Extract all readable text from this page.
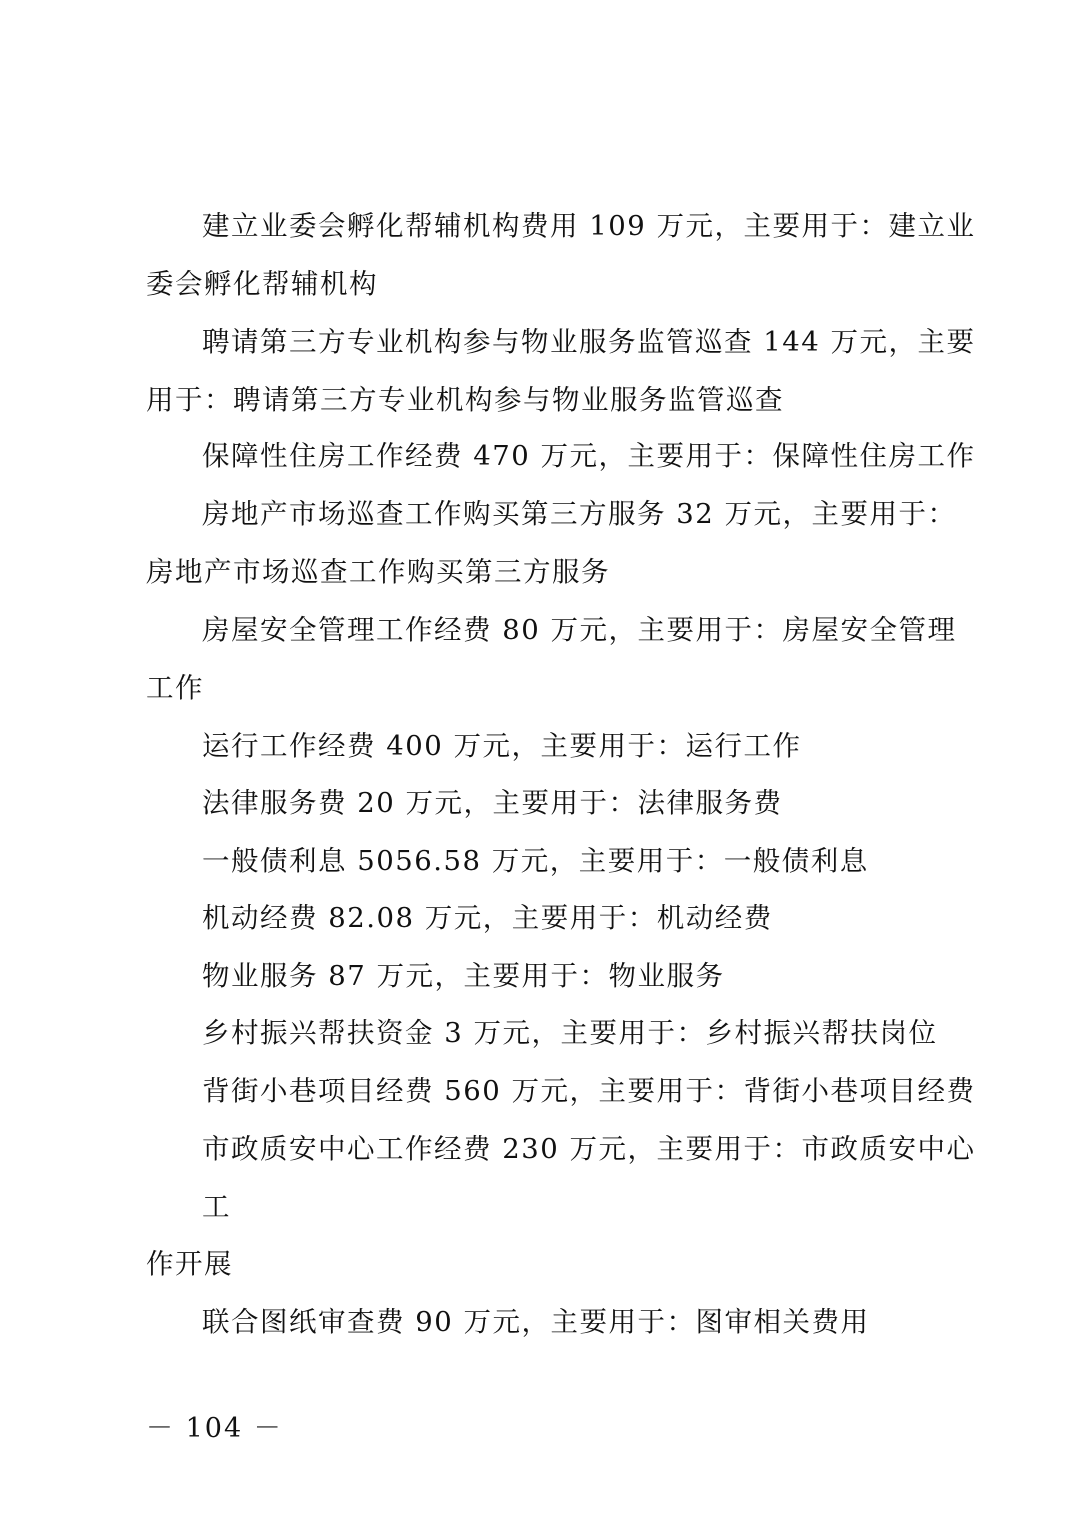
建立业委会孵化帮辅机构费用 109 万元，主要用于：建立业
委会孵化帮辅机构
聘请第三方专业机构参与物业服务监管巡查 144 万元，主要
用于：聘请第三方专业机构参与物业服务监管巡查
保障性住房工作经费 470 万元，主要用于：保障性住房工作
房地产市场巡查工作购买第三方服务 32 万元，主要用于：
房地产市场巡查工作购买第三方服务
房屋安全管理工作经费 80 万元，主要用于：房屋安全管理
工作
运行工作经费 400 万元，主要用于：运行工作
法律服务费 20 万元，主要用于：法律服务费
一般债利息 5056.58 万元，主要用于：一般债利息
机动经费 82.08 万元，主要用于：机动经费
物业服务 87 万元，主要用于：物业服务
乡村振兴帮扶资金 3 万元，主要用于：乡村振兴帮扶岗位
背街小巷项目经费 560 万元，主要用于：背街小巷项目经费
市政质安中心工作经费 230 万元，主要用于：市政质安中心
工
作开展
联合图纸审查费 90 万元，主要用于：图审相关费用
－ 104 －
